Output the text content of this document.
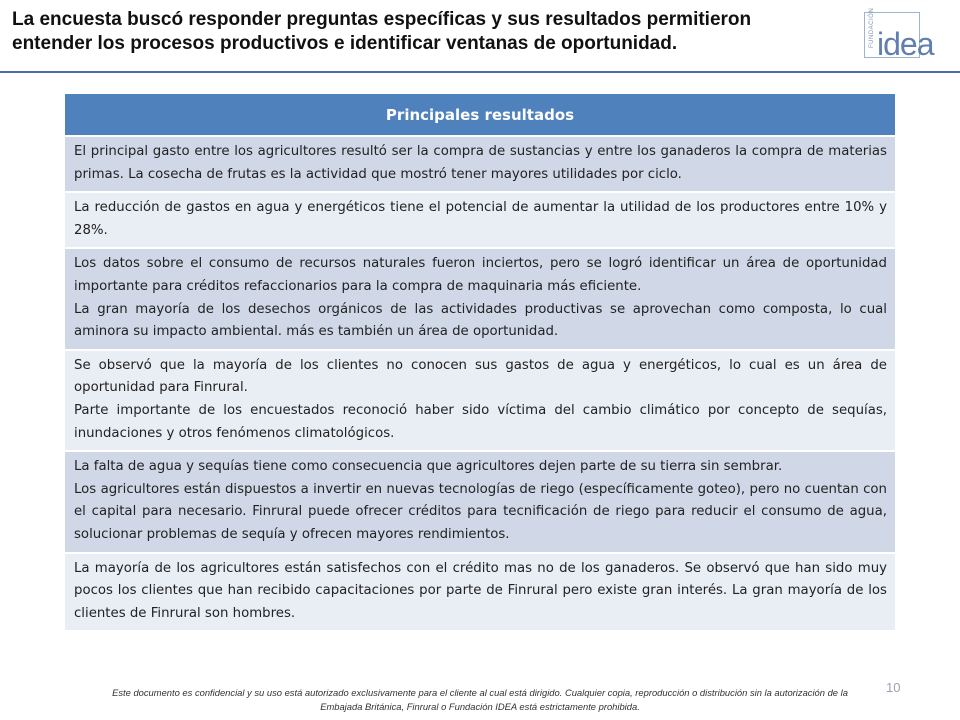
La encuesta buscó responder preguntas específicas y sus resultados permitieron entender los procesos productivos e identificar ventanas de oportunidad.	FUNDACIÓN idea
Principales resultados

El principal gasto entre los agricultores resultó ser la compra de sustancias y entre los ganaderos la compra de materias primas. La cosecha de frutas es la actividad que mostró tener mayores utilidades por ciclo.

La reducción de gastos en agua y energéticos tiene el potencial de aumentar la utilidad de los productores entre 10% y 28%.

Los datos sobre el consumo de recursos naturales fueron inciertos, pero se logró identificar un área de oportunidad importante para créditos refaccionarios para la compra de maquinaria más eficiente.

La gran mayoría de los desechos orgánicos de las actividades productivas se aprovechan como composta, lo cual aminora su impacto ambiental. más es también un área de oportunidad.

Se observó que la mayoría de los clientes no conocen sus gastos de agua y energéticos, lo cual es un área de oportunidad para Finrural.

Parte importante de los encuestados reconoció haber sido víctima del cambio climático por concepto de sequías, inundaciones y otros fenómenos climatológicos.

La falta de agua y sequías tiene como consecuencia que agricultores dejen parte de su tierra sin sembrar.

Los agricultores están dispuestos a invertir en nuevas tecnologías de riego (específicamente goteo), pero no cuentan con el capital para necesario. Finrural puede ofrecer créditos para tecnificación de riego para reducir el consumo de agua, solucionar problemas de sequía y ofrecen mayores rendimientos.

La mayoría de los agricultores están satisfechos con el crédito mas no de los ganaderos. Se observó que han sido muy pocos los clientes que han recibido capacitaciones por parte de Finrural pero existe gran interés. La gran mayoría de los clientes de Finrural son hombres.

10
Este documento es confidencial y su uso está autorizado exclusivamente para el cliente al cual está dirigido. Cualquier copia, reproducción o distribución sin la autorización de la Embajada Británica, Finrural o Fundación IDEA está estrictamente prohibida.
